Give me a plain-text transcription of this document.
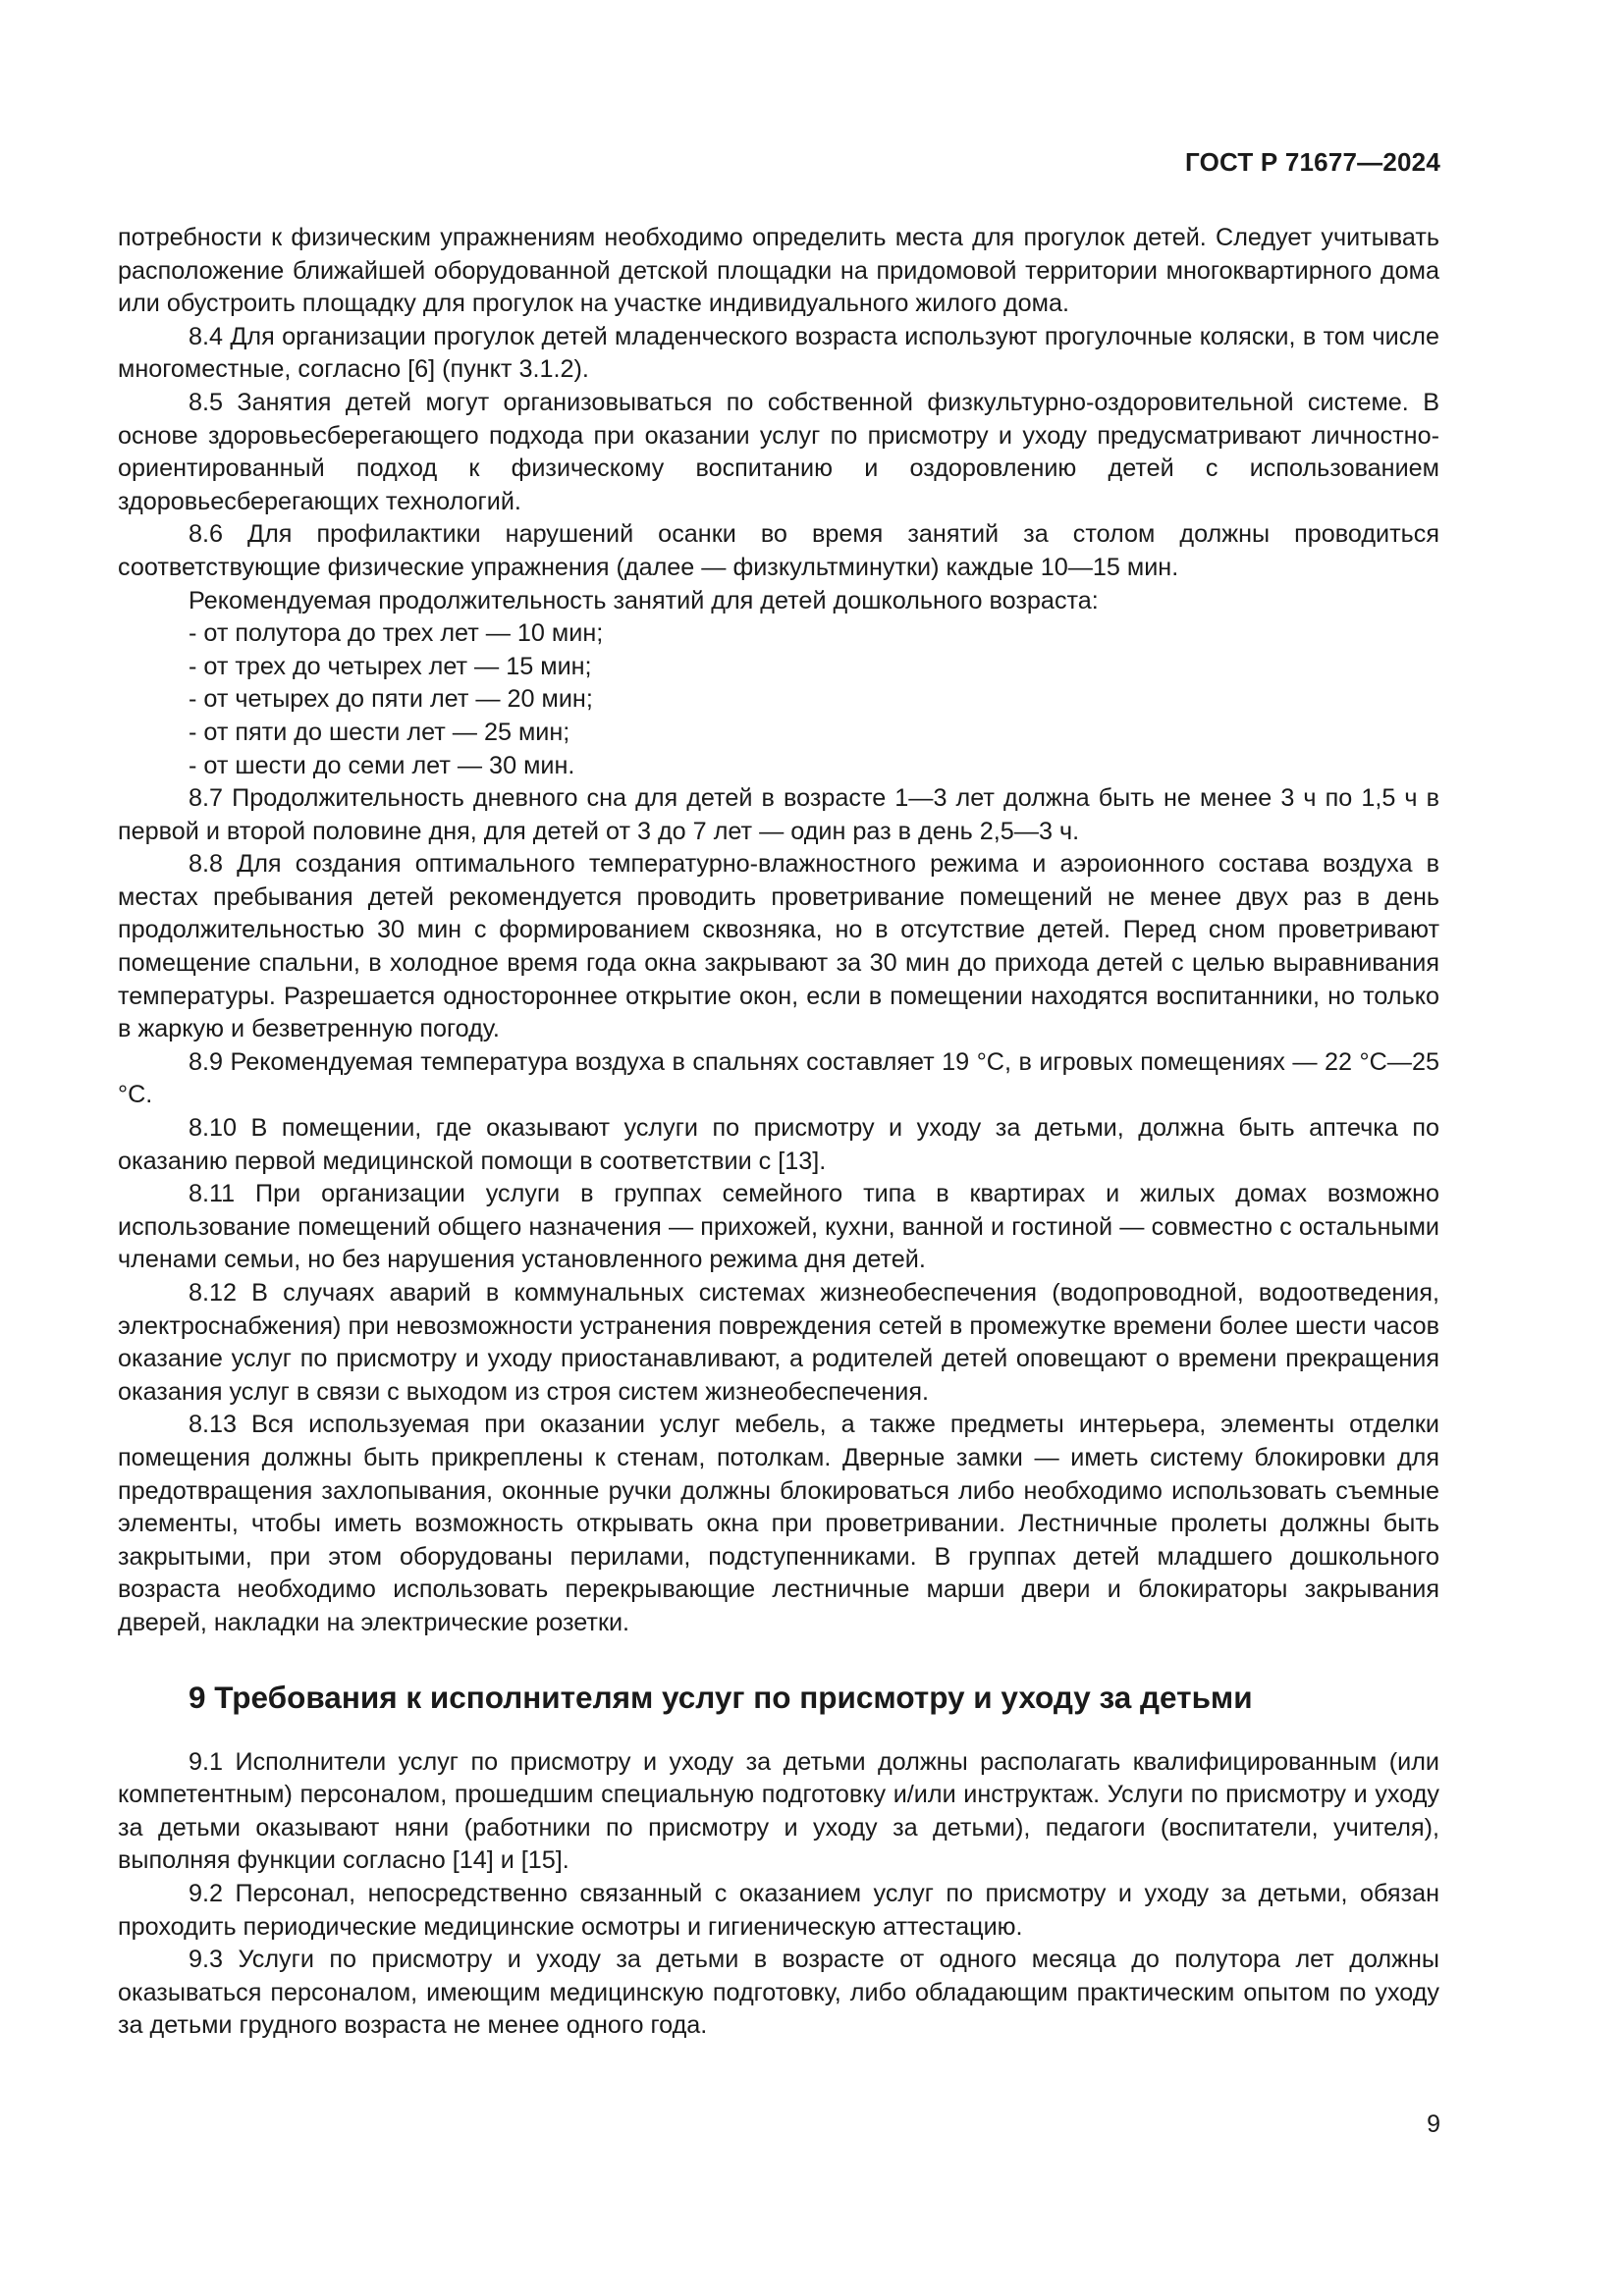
ГОСТ Р 71677—2024

потребности к физическим упражнениям необходимо определить места для прогулок детей. Следует учитывать расположение ближайшей оборудованной детской площадки на придомовой территории многоквартирного дома или обустроить площадку для прогулок на участке индивидуального жилого дома.

8.4 Для организации прогулок детей младенческого возраста используют прогулочные коляски, в том числе многоместные, согласно [6] (пункт 3.1.2).

8.5 Занятия детей могут организовываться по собственной физкультурно-оздоровительной системе. В основе здоровьесберегающего подхода при оказании услуг по присмотру и уходу предусматривают личностно-ориентированный подход к физическому воспитанию и оздоровлению детей с использованием здоровьесберегающих технологий.

8.6 Для профилактики нарушений осанки во время занятий за столом должны проводиться соответствующие физические упражнения (далее — физкультминутки) каждые 10—15 мин.

Рекомендуемая продолжительность занятий для детей дошкольного возраста:

- от полутора до трех лет — 10 мин;

- от трех до четырех лет — 15 мин;

- от четырех до пяти лет — 20 мин;

- от пяти до шести лет — 25 мин;

- от шести до семи лет — 30 мин.

8.7 Продолжительность дневного сна для детей в возрасте 1—3 лет должна быть не менее 3 ч по 1,5 ч в первой и второй половине дня, для детей от 3 до 7 лет — один раз в день 2,5—3 ч.

8.8 Для создания оптимального температурно-влажностного режима и аэроионного состава воздуха в местах пребывания детей рекомендуется проводить проветривание помещений не менее двух раз в день продолжительностью 30 мин с формированием сквозняка, но в отсутствие детей. Перед сном проветривают помещение спальни, в холодное время года окна закрывают за 30 мин до прихода детей с целью выравнивания температуры. Разрешается одностороннее открытие окон, если в помещении находятся воспитанники, но только в жаркую и безветренную погоду.

8.9 Рекомендуемая температура воздуха в спальнях составляет 19 °С, в игровых помещениях — 22 °С—25 °С.

8.10 В помещении, где оказывают услуги по присмотру и уходу за детьми, должна быть аптечка по оказанию первой медицинской помощи в соответствии с [13].

8.11 При организации услуги в группах семейного типа в квартирах и жилых домах возможно использование помещений общего назначения — прихожей, кухни, ванной и гостиной — совместно с остальными членами семьи, но без нарушения установленного режима дня детей.

8.12 В случаях аварий в коммунальных системах жизнеобеспечения (водопроводной, водоотведения, электроснабжения) при невозможности устранения повреждения сетей в промежутке времени более шести часов оказание услуг по присмотру и уходу приостанавливают, а родителей детей оповещают о времени прекращения оказания услуг в связи с выходом из строя систем жизнеобеспечения.

8.13 Вся используемая при оказании услуг мебель, а также предметы интерьера, элементы отделки помещения должны быть прикреплены к стенам, потолкам. Дверные замки — иметь систему блокировки для предотвращения захлопывания, оконные ручки должны блокироваться либо необходимо использовать съемные элементы, чтобы иметь возможность открывать окна при проветривании. Лестничные пролеты должны быть закрытыми, при этом оборудованы перилами, подступенниками. В группах детей младшего дошкольного возраста необходимо использовать перекрывающие лестничные марши двери и блокираторы закрывания дверей, накладки на электрические розетки.

9 Требования к исполнителям услуг по присмотру и уходу за детьми

9.1 Исполнители услуг по присмотру и уходу за детьми должны располагать квалифицированным (или компетентным) персоналом, прошедшим специальную подготовку и/или инструктаж. Услуги по присмотру и уходу за детьми оказывают няни (работники по присмотру и уходу за детьми), педагоги (воспитатели, учителя), выполняя функции согласно [14] и [15].

9.2 Персонал, непосредственно связанный с оказанием услуг по присмотру и уходу за детьми, обязан проходить периодические медицинские осмотры и гигиеническую аттестацию.

9.3 Услуги по присмотру и уходу за детьми в возрасте от одного месяца до полутора лет должны оказываться персоналом, имеющим медицинскую подготовку, либо обладающим практическим опытом по уходу за детьми грудного возраста не менее одного года.

9
